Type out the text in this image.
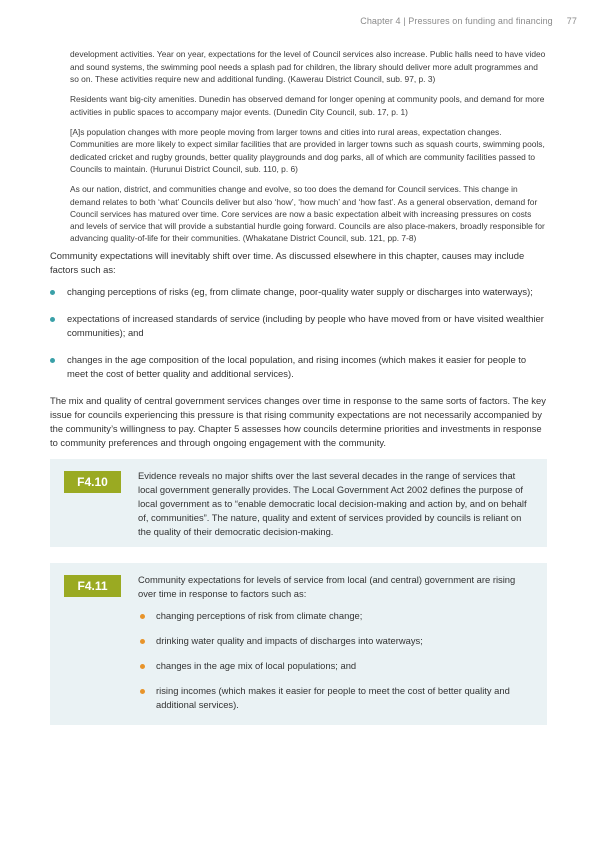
Chapter 4 | Pressures on funding and financing 77

development activities. Year on year, expectations for the level of Council services also increase. Public halls need to have video and sound systems, the swimming pool needs a splash pad for children, the library should deliver more adult programmes and so on. These activities require new and additional funding. (Kawerau District Council, sub. 97, p. 3)

Residents want big-city amenities. Dunedin has observed demand for longer opening at community pools, and demand for more activities in public spaces to accompany major events. (Dunedin City Council, sub. 17, p. 1)

[A]s population changes with more people moving from larger towns and cities into rural areas, expectation changes. Communities are more likely to expect similar facilities that are provided in larger towns such as squash courts, swimming pools, dedicated cricket and rugby grounds, better quality playgrounds and dog parks, all of which are community facilities passed to Councils to maintain. (Hurunui District Council, sub. 110, p. 6)

As our nation, district, and communities change and evolve, so too does the demand for Council services. This change in demand relates to both ‘what’ Councils deliver but also ‘how’, ‘how much’ and ‘how fast’. As a general observation, demand for Council services has matured over time. Core services are now a basic expectation albeit with increasing pressures on costs and levels of service that will provide a substantial hurdle going forward. Councils are also place-makers, broadly responsible for advancing quality-of-life for their communities. (Whakatane District Council, sub. 121, pp. 7-8)

Community expectations will inevitably shift over time. As discussed elsewhere in this chapter, causes may include factors such as:

changing perceptions of risks (eg, from climate change, poor-quality water supply or discharges into waterways);
expectations of increased standards of service (including by people who have moved from or have visited wealthier communities); and
changes in the age composition of the local population, and rising incomes (which makes it easier for people to meet the cost of better quality and additional services).

The mix and quality of central government services changes over time in response to the same sorts of factors. The key issue for councils experiencing this pressure is that rising community expectations are not necessarily accompanied by the community’s willingness to pay. Chapter 5 assesses how councils determine priorities and investments in response to community preferences and through ongoing engagement with the community.

F4.10	Evidence reveals no major shifts over the last several decades in the range of services that local government generally provides. The Local Government Act 2002 defines the purpose of local government as to “enable democratic local decision-making and action by, and on behalf of, communities”. The nature, quality and extent of services provided by councils is reliant on the quality of their democratic decision-making.
F4.11	Community expectations for levels of service from local (and central) government are rising over time in response to factors such as:
changing perceptions of risk from climate change;
drinking water quality and impacts of discharges into waterways;
changes in the age mix of local populations; and
rising incomes (which makes it easier for people to meet the cost of better quality and additional services).
